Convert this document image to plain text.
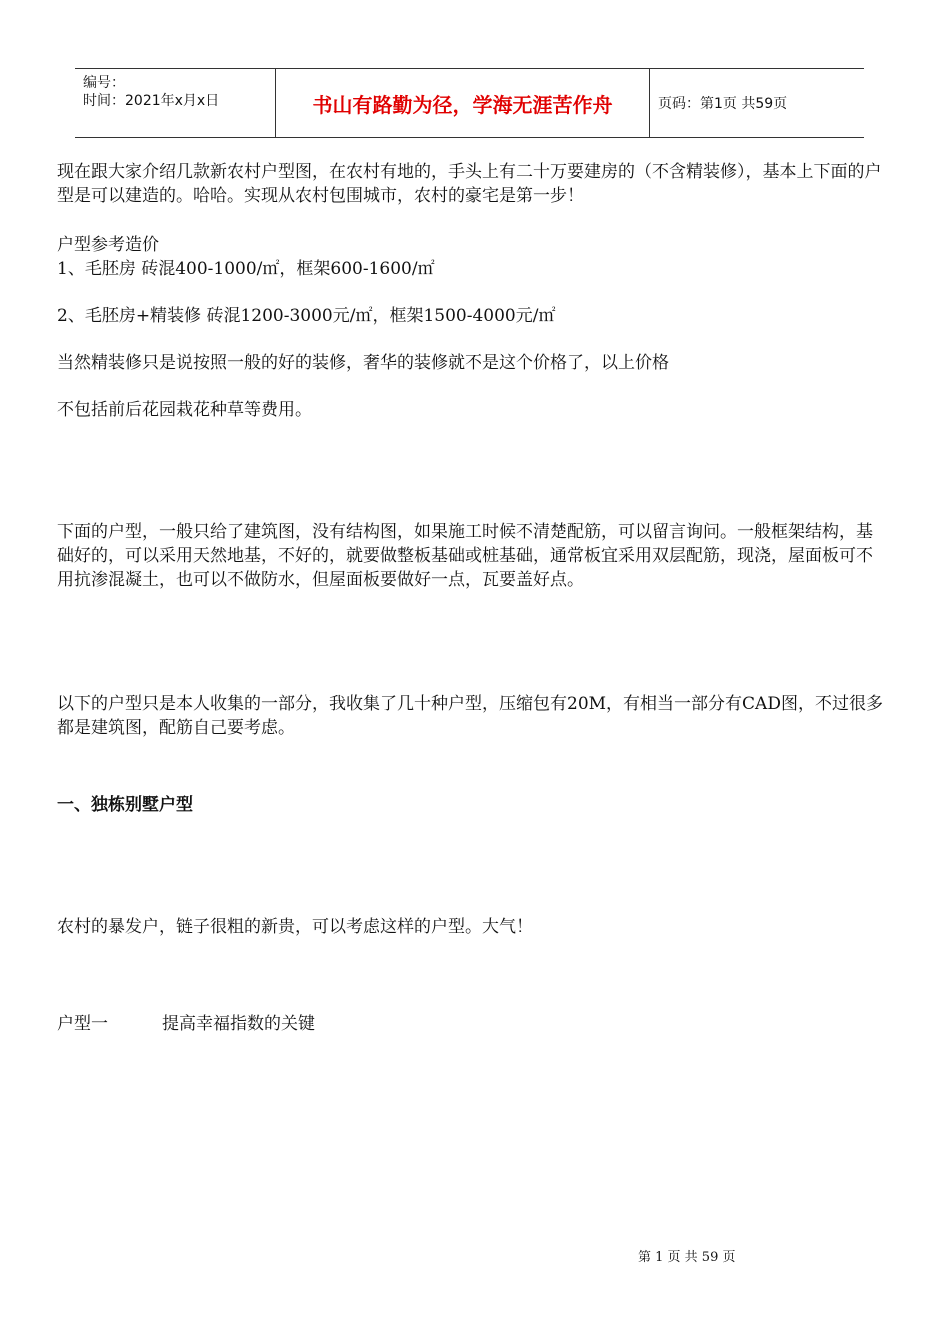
编号：
时间：2021年x月x日	书山有路勤为径，学海无涯苦作舟	页码：第1页 共59页

现在跟大家介绍几款新农村户型图，在农村有地的，手头上有二十万要建房的（不含精装修），基本上下面的户型是可以建造的。哈哈。实现从农村包围城市，农村的豪宅是第一步！

户型参考造价

1、毛胚房 砖混400-1000/㎡，框架600-1600/㎡

2、毛胚房+精装修 砖混1200-3000元/㎡，框架1500-4000元/㎡

当然精装修只是说按照一般的好的装修，奢华的装修就不是这个价格了，以上价格

不包括前后花园栽花种草等费用。

下面的户型，一般只给了建筑图，没有结构图，如果施工时候不清楚配筋，可以留言询问。一般框架结构，基础好的，可以采用天然地基，不好的，就要做整板基础或桩基础，通常板宜采用双层配筋，现浇，屋面板可不用抗渗混凝土，也可以不做防水，但屋面板要做好一点，瓦要盖好点。

以下的户型只是本人收集的一部分，我收集了几十种户型，压缩包有20M，有相当一部分有CAD图，不过很多都是建筑图，配筋自己要考虑。

一、独栋别墅户型

农村的暴发户，链子很粗的新贵，可以考虑这样的户型。大气！

户型一	提高幸福指数的关键

第 1 页 共 59 页
